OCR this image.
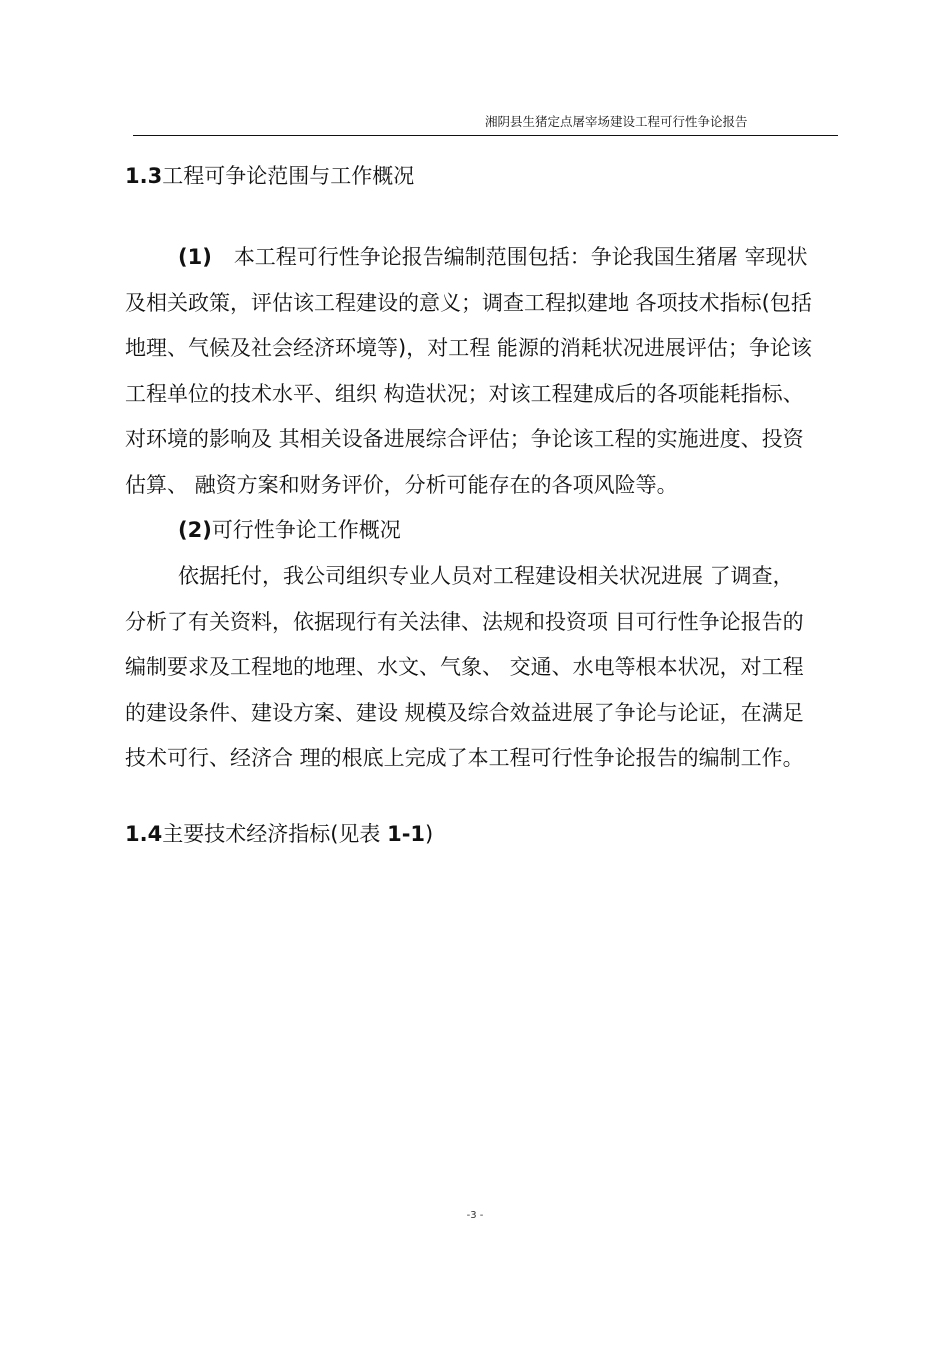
湘阴县生猪定点屠宰场建设工程可行性争论报告
1.3工程可争论范围与工作概况
(1) 本工程可行性争论报告编制范围包括：争论我国生猪屠 宰现状
及相关政策，评估该工程建设的意义；调查工程拟建地 各项技术指标(包括
地理、气候及社会经济环境等)，对工程 能源的消耗状况进展评估；争论该
工程单位的技术水平、组织 构造状况；对该工程建成后的各项能耗指标、
对环境的影响及 其相关设备进展综合评估；争论该工程的实施进度、投资
估算、 融资方案和财务评价，分析可能存在的各项风险等。
(2)可行性争论工作概况
依据托付，我公司组织专业人员对工程建设相关状况进展 了调查，
分析了有关资料，依据现行有关法律、法规和投资项 目可行性争论报告的
编制要求及工程地的地理、水文、气象、 交通、水电等根本状况，对工程
的建设条件、建设方案、建设 规模及综合效益进展了争论与论证，在满足
技术可行、经济合 理的根底上完成了本工程可行性争论报告的编制工作。
1.4主要技术经济指标(见表 1-1)
-3 -
